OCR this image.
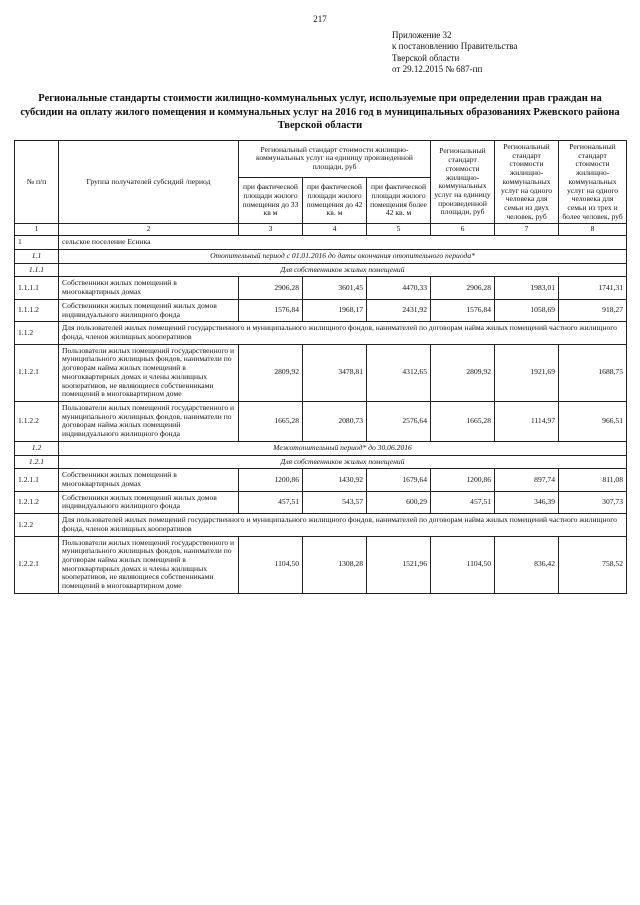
217
Приложение 32
к постановлению Правительства
Тверской области
от 29.12.2015 № 687-пп
Региональные стандарты стоимости жилищно-коммунальных услуг, используемые при определении прав граждан на субсидии на оплату жилого помещения и коммунальных услуг на 2016 год в муниципальных образованиях Ржевского района Тверской области
№ п/п	Группа получателей субсидий /период	Региональный стандарт стоимости жилищно-коммунальных услуг на единицу произведенной площади, руб			Региональный стандарт стоимости жилищно-коммунальных услуг на единицу произведенной площади, руб	Региональный стандарт стоимости жилищно-коммунальных услуг на одного человека для семьи из двух человек, руб	Региональный стандарт стоимости жилищно-коммунальных услуг на одного человека для семьи из трех и более человек, руб
		при фактической площади жилого помещения до 33 кв м	при фактической площади жилого помещения до 42 кв. м	при фактической площади жилого помещения более 42 кв. м			
1	2	3	4	5	6	7	8
1	сельское поселение Есинка						
1.1	Отопительный период с 01.01.2016 до даты окончания отопительного периода*						
1.1.1	Для собственников жилых помещений						
1.1.1.1	Собственники жилых помещений в многоквартирных домах	2906,28	3601,45	4470,33	2906,28	1983,01	1741,31
1.1.1.2	Собственники жилых помещений жилых домов индивидуального жилищного фонда	1576,84	1968,17	2431,92	1576,84	1058,69	918,27
1.1.2	Для пользователей жилых помещений государственного и муниципального жилищного фондов, нанимателей по договорам найма жилых помещений частного жилищного фонда, членов жилищных кооперативов						
1.1.2.1	Пользователи жилых помещений государственного и муниципального жилищных фондов, наниматели по договорам найма жилых помещений в многоквартирных домах и члены жилищных кооперативов, не являющиеся собственниками помещений в многоквартирном доме	2809,92	3478,81	4312,65	2809,92	1921,69	1688,75
1.1.2.2	Пользователи жилых помещений государственного и муниципального жилищных фондов, наниматели по договорам найма жилых помещений индивидуального жилищного фонда	1665,28	2080,73	2576,64	1665,28	1114,97	966,51
1.2	Межотопительный период* до 30.06.2016						
1.2.1	Для собственников жилых помещений						
1.2.1.1	Собственники жилых помещений в многоквартирных домах	1200,86	1430,92	1679,64	1200,86	897,74	811,08
1.2.1.2	Собственники жилых помещений жилых домов индивидуального жилищного фонда	457,51	543,57	600,29	457,51	346,39	307,73
1.2.2	Для пользователей жилых помещений государственного и муниципального жилищного фондов, нанимателей по договорам найма жилых помещений частного жилищного фонда, членов жилищных кооперативов						
1.2.2.1	Пользователи жилых помещений государственного и муниципального жилищных фондов, наниматели по договорам найма жилых помещений в многоквартирных домах и члены жилищных кооперативов, не являющиеся собственниками помещений в многоквартирном доме	1104,50	1308,28	1521,96	1104,50	836,42	758,52
